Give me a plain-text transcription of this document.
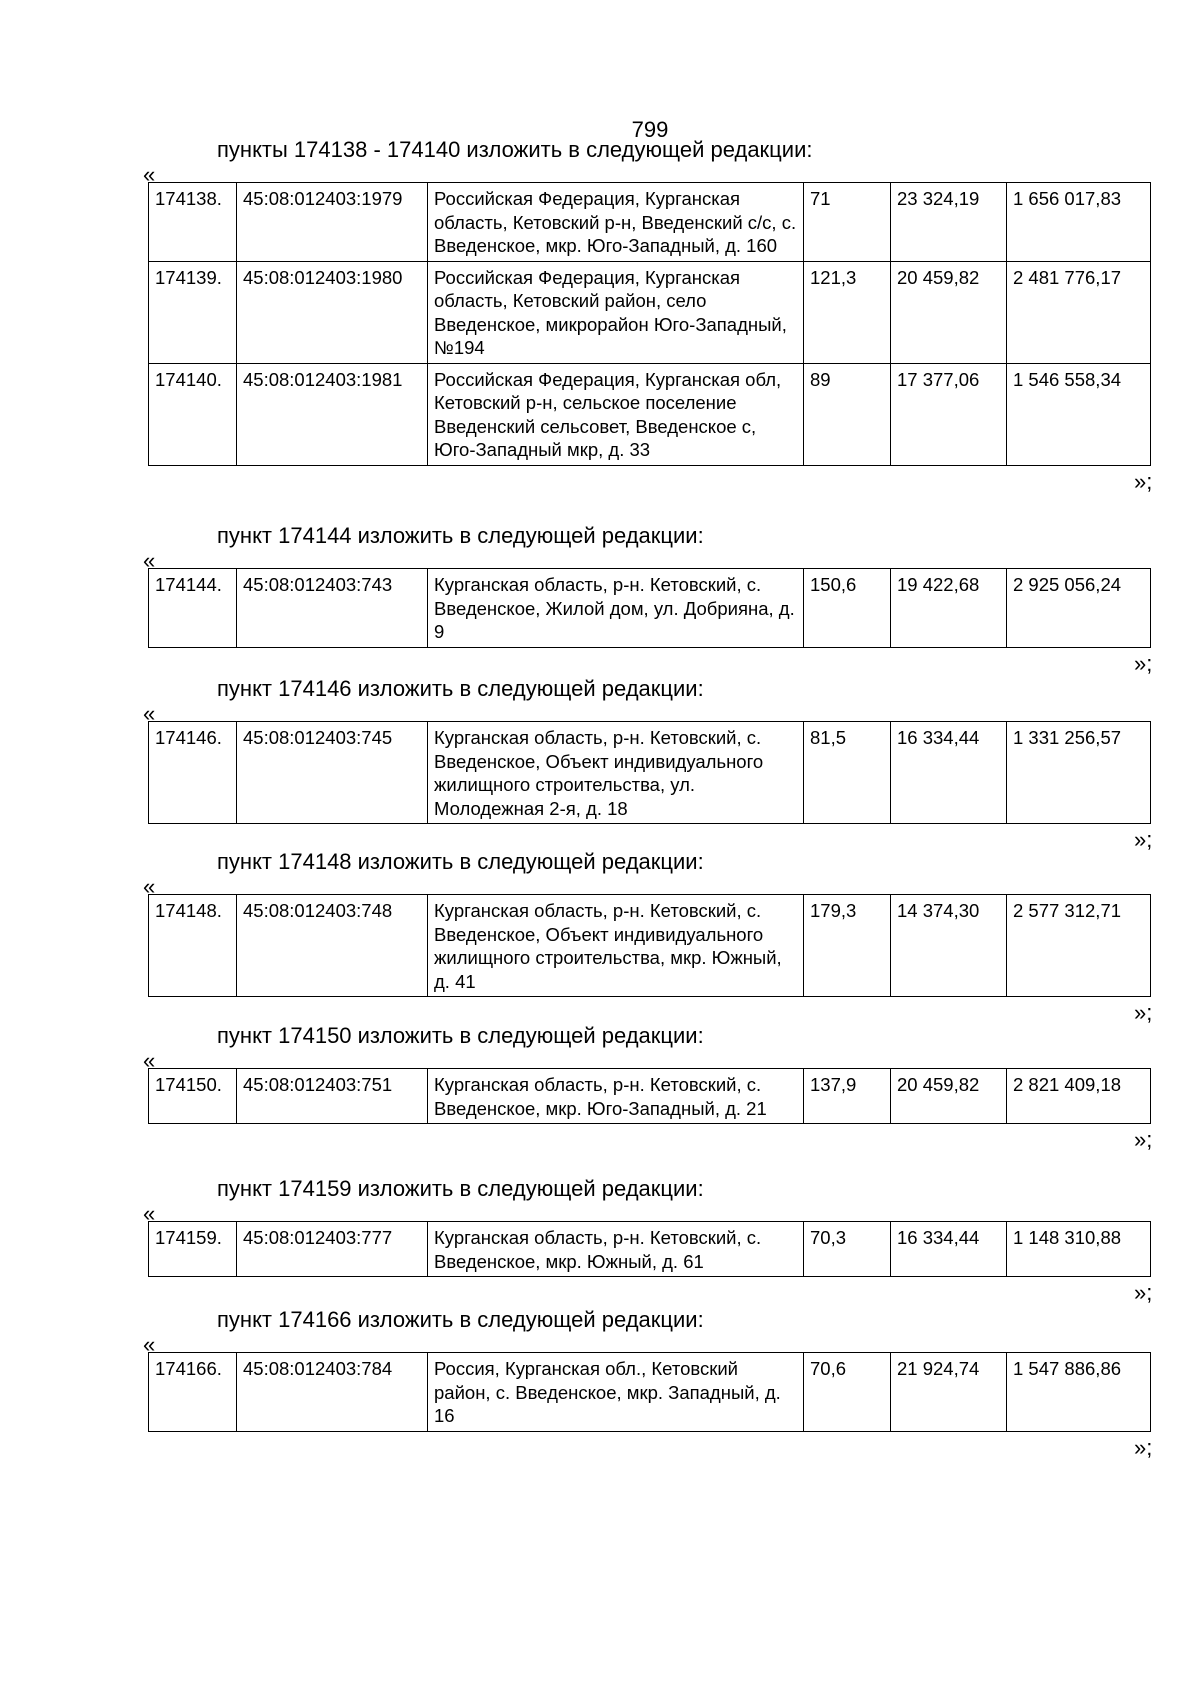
799
пункты 174138 - 174140 изложить в следующей редакции:
«
174138.	45:08:012403:1979	Российская Федерация, Курганская область, Кетовский р-н, Введенский с/с, с. Введенское, мкр. Юго-Западный, д. 160	71	23 324,19	1 656 017,83
174139.	45:08:012403:1980	Российская Федерация, Курганская область, Кетовский район, село Введенское, микрорайон Юго-Западный, №194	121,3	20 459,82	2 481 776,17
174140.	45:08:012403:1981	Российская Федерация, Курганская обл, Кетовский р-н, сельское поселение Введенский сельсовет, Введенское с, Юго-Западный мкр, д. 33	89	17 377,06	1 546 558,34
»;
пункт 174144 изложить в следующей редакции:
«
174144.	45:08:012403:743	Курганская область, р-н. Кетовский, с. Введенское, Жилой дом, ул. Добрияна, д. 9	150,6	19 422,68	2 925 056,24
»;
пункт 174146 изложить в следующей редакции:
«
174146.	45:08:012403:745	Курганская область, р-н. Кетовский, с. Введенское, Объект индивидуального жилищного строительства, ул. Молодежная 2-я, д. 18	81,5	16 334,44	1 331 256,57
»;
пункт 174148 изложить в следующей редакции:
«
174148.	45:08:012403:748	Курганская область, р-н. Кетовский, с. Введенское, Объект индивидуального жилищного строительства, мкр. Южный, д. 41	179,3	14 374,30	2 577 312,71
»;
пункт 174150 изложить в следующей редакции:
«
174150.	45:08:012403:751	Курганская область, р-н. Кетовский, с. Введенское, мкр. Юго-Западный, д. 21	137,9	20 459,82	2 821 409,18
»;
пункт 174159 изложить в следующей редакции:
«
174159.	45:08:012403:777	Курганская область, р-н. Кетовский, с. Введенское, мкр. Южный, д. 61	70,3	16 334,44	1 148 310,88
»;
пункт 174166 изложить в следующей редакции:
«
174166.	45:08:012403:784	Россия, Курганская обл., Кетовский район, с. Введенское, мкр. Западный, д. 16	70,6	21 924,74	1 547 886,86
»;
